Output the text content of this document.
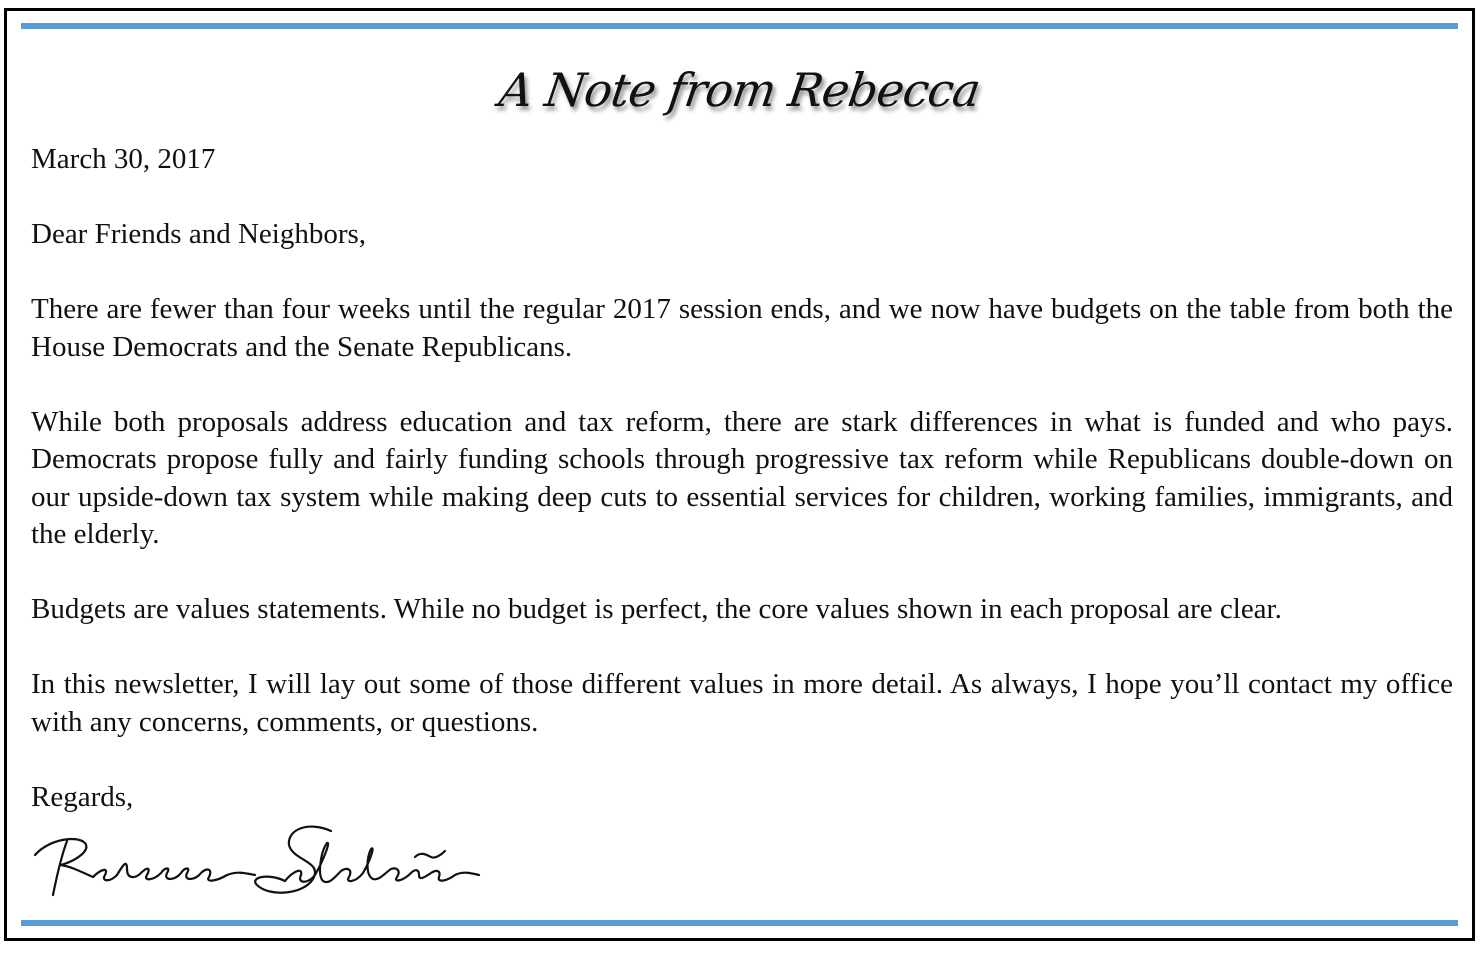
A Note from Rebecca

March 30, 2017

Dear Friends and Neighbors,

There are fewer than four weeks until the regular 2017 session ends, and we now have budgets on the table from both the House Democrats and the Senate Republicans.

While both proposals address education and tax reform, there are stark differences in what is funded and who pays. Democrats propose fully and fairly funding schools through progressive tax reform while Republicans double-down on our upside-down tax system while making deep cuts to essential services for children, working families, immigrants, and the elderly.

Budgets are values statements. While no budget is perfect, the core values shown in each proposal are clear.

In this newsletter, I will lay out some of those different values in more detail. As always, I hope you’ll contact my office with any concerns, comments, or questions.

Regards,
